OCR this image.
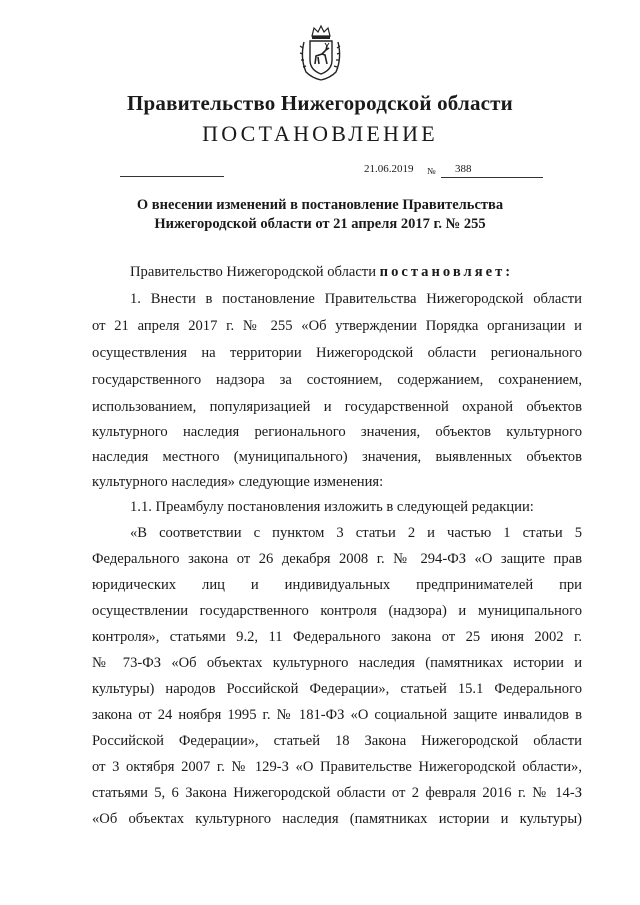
Правительство Нижегородской области
ПОСТАНОВЛЕНИЕ
21.06.2019 №	388
О внесении изменений в постановление Правительства
Нижегородской области от 21 апреля 2017 г. № 255
Правительство Нижегородской области постановляет:
1. Внести в постановление Правительства Нижегородской области
от 21 апреля 2017 г. № 255 «Об утверждении Порядка организации и
осуществления на территории Нижегородской области регионального
государственного надзора за состоянием, содержанием, сохранением,
использованием, популяризацией и государственной охраной объектов
культурного наследия регионального значения, объектов культурного
наследия местного (муниципального) значения, выявленных объектов
культурного наследия» следующие изменения:
1.1. Преамбулу постановления изложить в следующей редакции:
«В соответствии с пунктом 3 статьи 2 и частью 1 статьи 5
Федерального закона от 26 декабря 2008 г. № 294-ФЗ «О защите прав
юридических лиц и индивидуальных предпринимателей при
осуществлении государственного контроля (надзора) и муниципального
контроля», статьями 9.2, 11 Федерального закона от 25 июня 2002 г.
№ 73-ФЗ «Об объектах культурного наследия (памятниках истории и
культуры) народов Российской Федерации», статьей 15.1 Федерального
закона от 24 ноября 1995 г. № 181-ФЗ «О социальной защите инвалидов в
Российской Федерации», статьей 18 Закона Нижегородской области
от 3 октября 2007 г. № 129-З «О Правительстве Нижегородской области»,
статьями 5, 6 Закона Нижегородской области от 2 февраля 2016 г. № 14-З
«Об объектах культурного наследия (памятниках истории и культуры)
